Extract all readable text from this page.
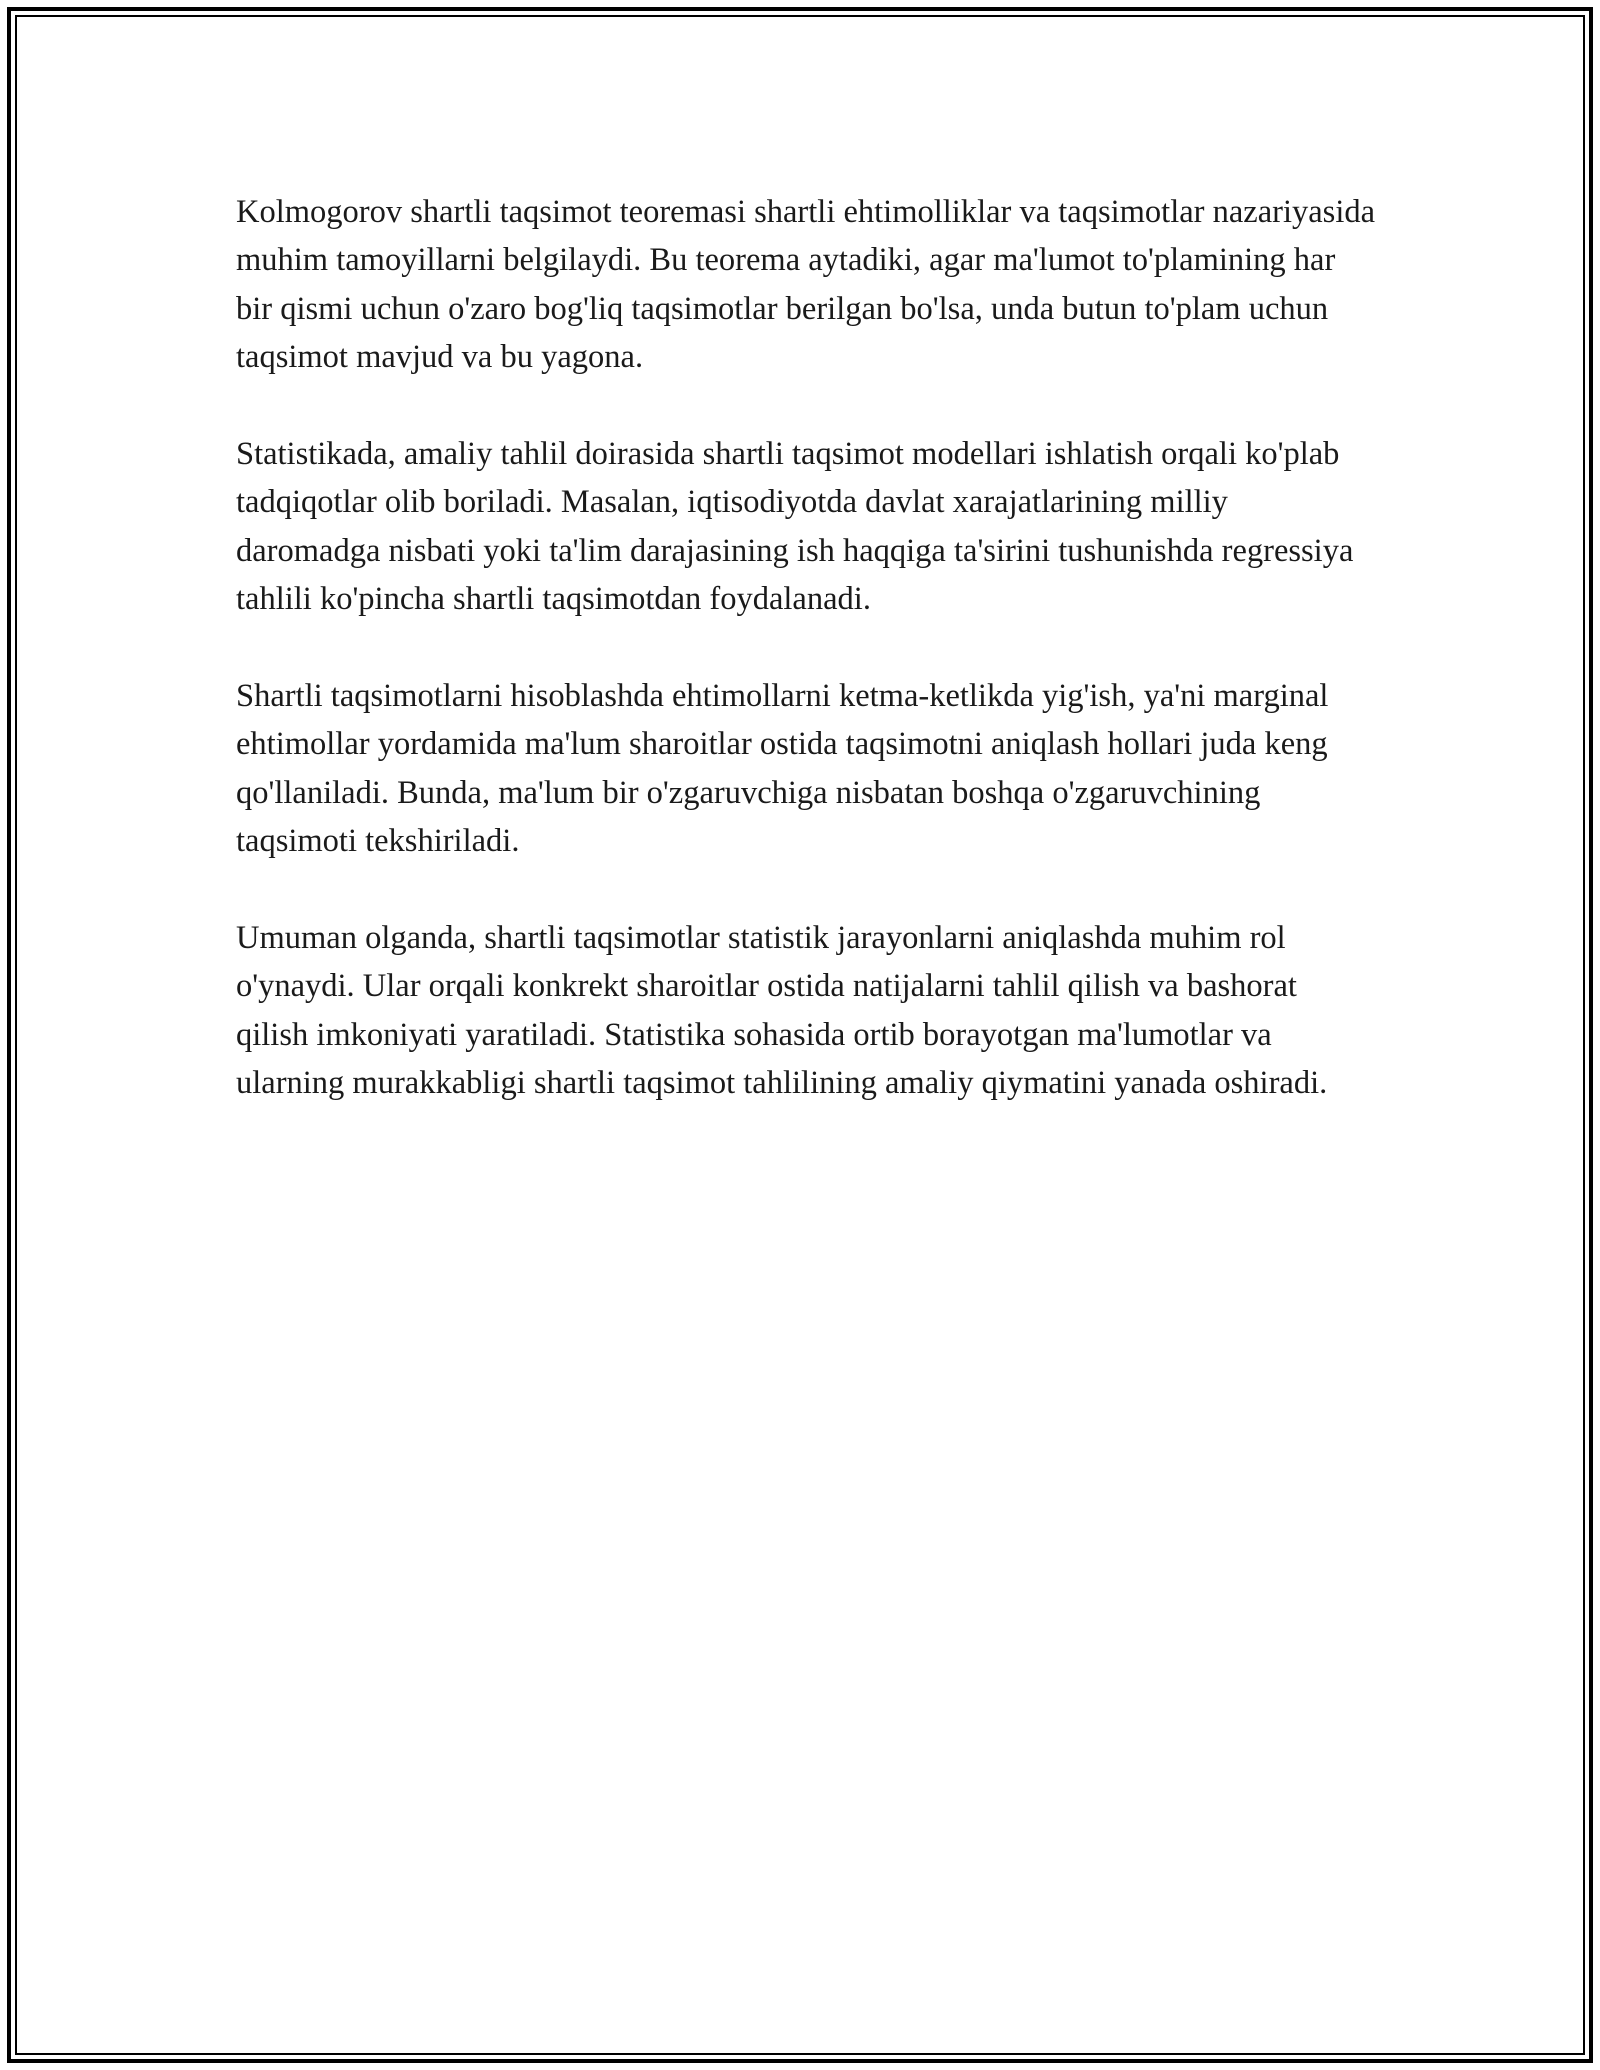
Kolmogorov shartli taqsimot teoremasi shartli ehtimolliklar va taqsimotlar nazariyasida muhim tamoyillarni belgilaydi. Bu teorema aytadiki, agar ma'lumot to'plamining har bir qismi uchun o'zaro bog'liq taqsimotlar berilgan bo'lsa, unda butun to'plam uchun taqsimot mavjud va bu yagona.

Statistikada, amaliy tahlil doirasida shartli taqsimot modellari ishlatish orqali ko'plab tadqiqotlar olib boriladi. Masalan, iqtisodiyotda davlat xarajatlarining milliy daromadga nisbati yoki ta'lim darajasining ish haqqiga ta'sirini tushunishda regressiya tahlili ko'pincha shartli taqsimotdan foydalanadi.

Shartli taqsimotlarni hisoblashda ehtimollarni ketma-ketlikda yig'ish, ya'ni marginal ehtimollar yordamida ma'lum sharoitlar ostida taqsimotni aniqlash hollari juda keng qo'llaniladi. Bunda, ma'lum bir o'zgaruvchiga nisbatan boshqa o'zgaruvchining taqsimoti tekshiriladi.

Umuman olganda, shartli taqsimotlar statistik jarayonlarni aniqlashda muhim rol o'ynaydi. Ular orqali konkrekt sharoitlar ostida natijalarni tahlil qilish va bashorat qilish imkoniyati yaratiladi. Statistika sohasida ortib borayotgan ma'lumotlar va ularning murakkabligi shartli taqsimot tahlilining amaliy qiymatini yanada oshiradi.
